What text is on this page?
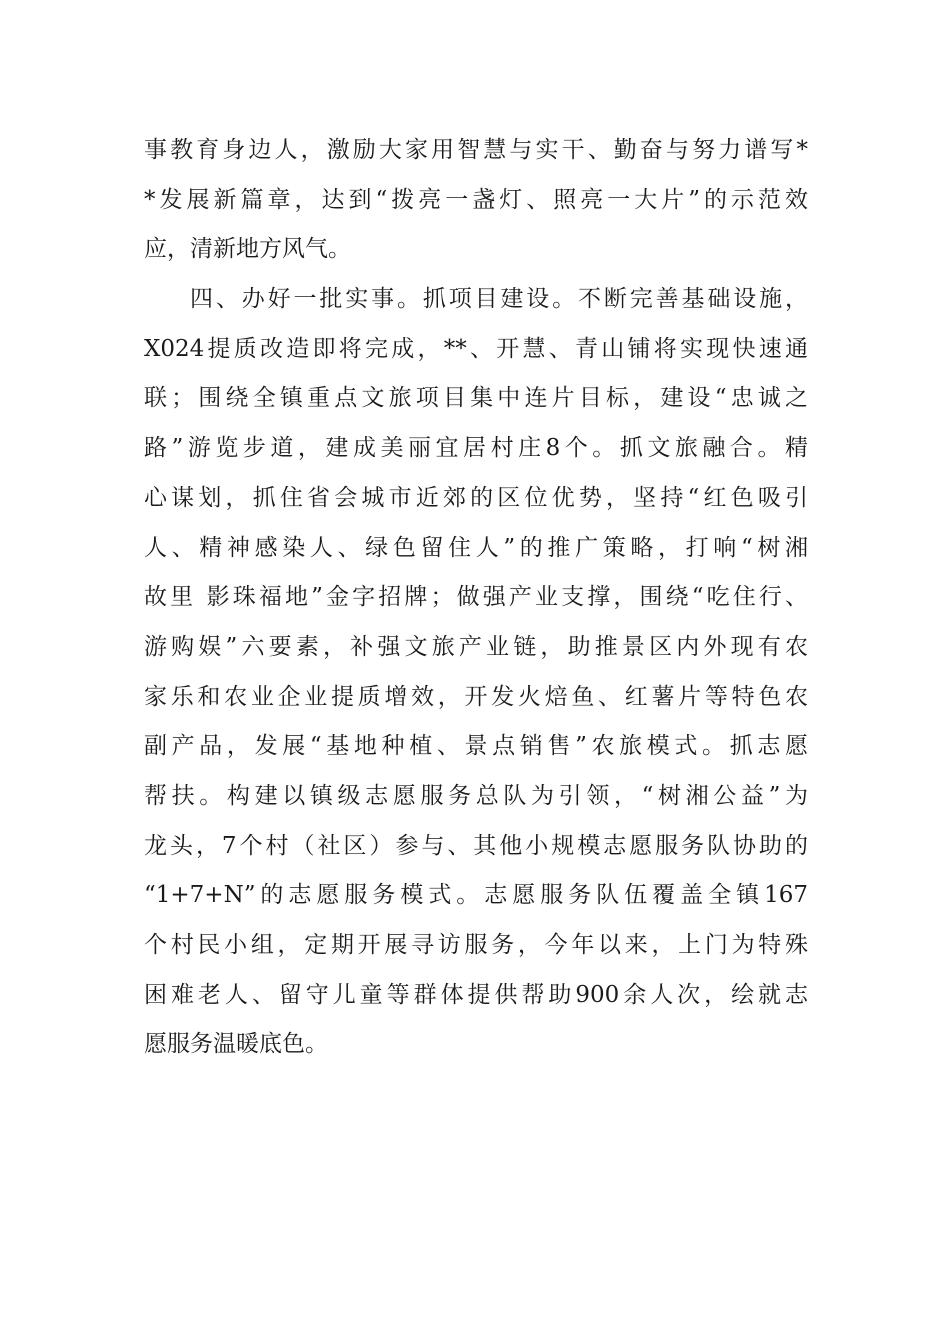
事教育身边人，激励大家用智慧与实干、勤奋与努力谱写*
*发展新篇章，达到“拨亮一盏灯、照亮一大片”的示范效
应，清新地方风气。
四、办好一批实事。抓项目建设。不断完善基础设施，
X024提质改造即将完成，**、开慧、青山铺将实现快速通
联；围绕全镇重点文旅项目集中连片目标，建设“忠诚之
路”游览步道，建成美丽宜居村庄8个。抓文旅融合。精
心谋划，抓住省会城市近郊的区位优势，坚持“红色吸引
人、精神感染人、绿色留住人”的推广策略，打响“树湘
故里 影珠福地”金字招牌；做强产业支撑，围绕“吃住行、
游购娱”六要素，补强文旅产业链，助推景区内外现有农
家乐和农业企业提质增效，开发火焙鱼、红薯片等特色农
副产品，发展“基地种植、景点销售”农旅模式。抓志愿
帮扶。构建以镇级志愿服务总队为引领，“树湘公益”为
龙头，7个村（社区）参与、其他小规模志愿服务队协助的
“1+7+N”的志愿服务模式。志愿服务队伍覆盖全镇167
个村民小组，定期开展寻访服务，今年以来，上门为特殊
困难老人、留守儿童等群体提供帮助900余人次，绘就志
愿服务温暖底色。
